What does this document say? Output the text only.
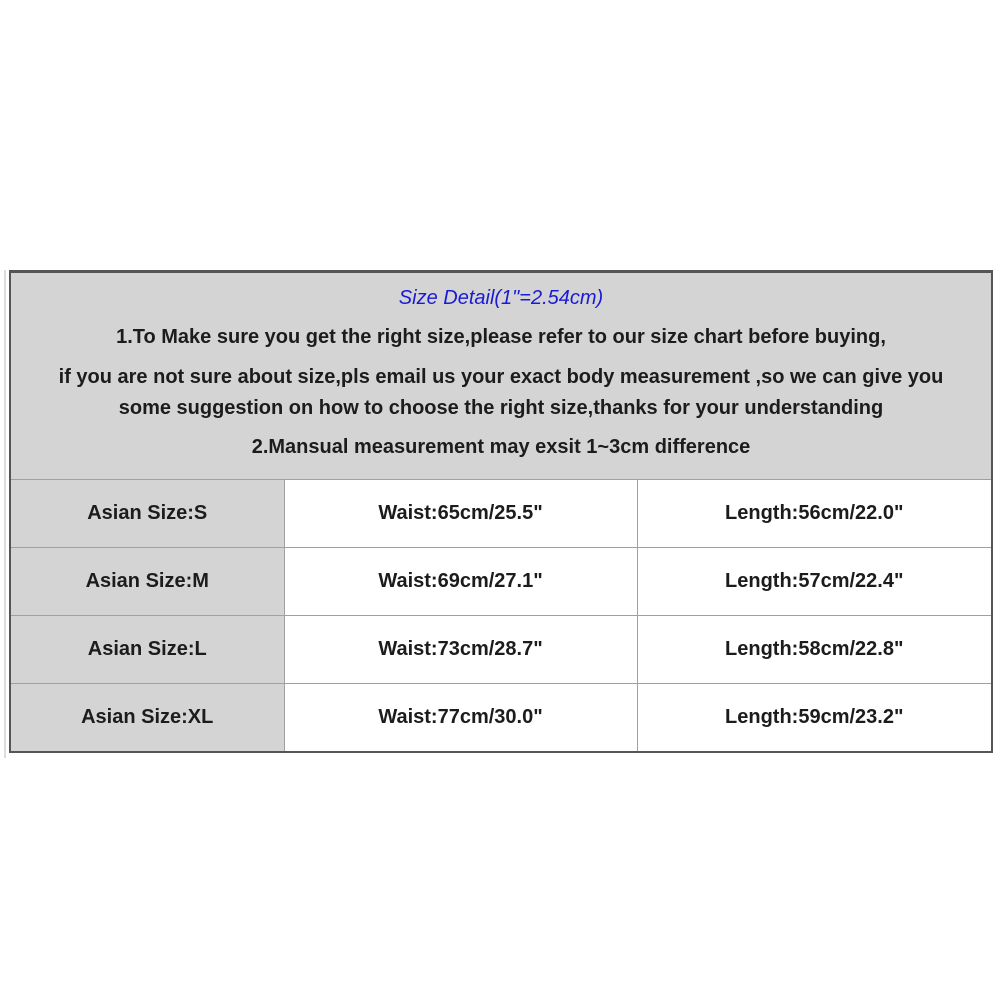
Size Detail(1"=2.54cm)
1.To Make sure you get the right size,please refer to our size chart before buying,
if you are not sure about size,pls email us your exact body measurement ,so we can give you
some suggestion on how to choose the right size,thanks for your understanding
2.Mansual measurement may exsit 1~3cm difference
Asian Size:S	Waist:65cm/25.5"	Length:56cm/22.0"
Asian Size:M	Waist:69cm/27.1"	Length:57cm/22.4"
Asian Size:L	Waist:73cm/28.7"	Length:58cm/22.8"
Asian Size:XL	Waist:77cm/30.0"	Length:59cm/23.2"
